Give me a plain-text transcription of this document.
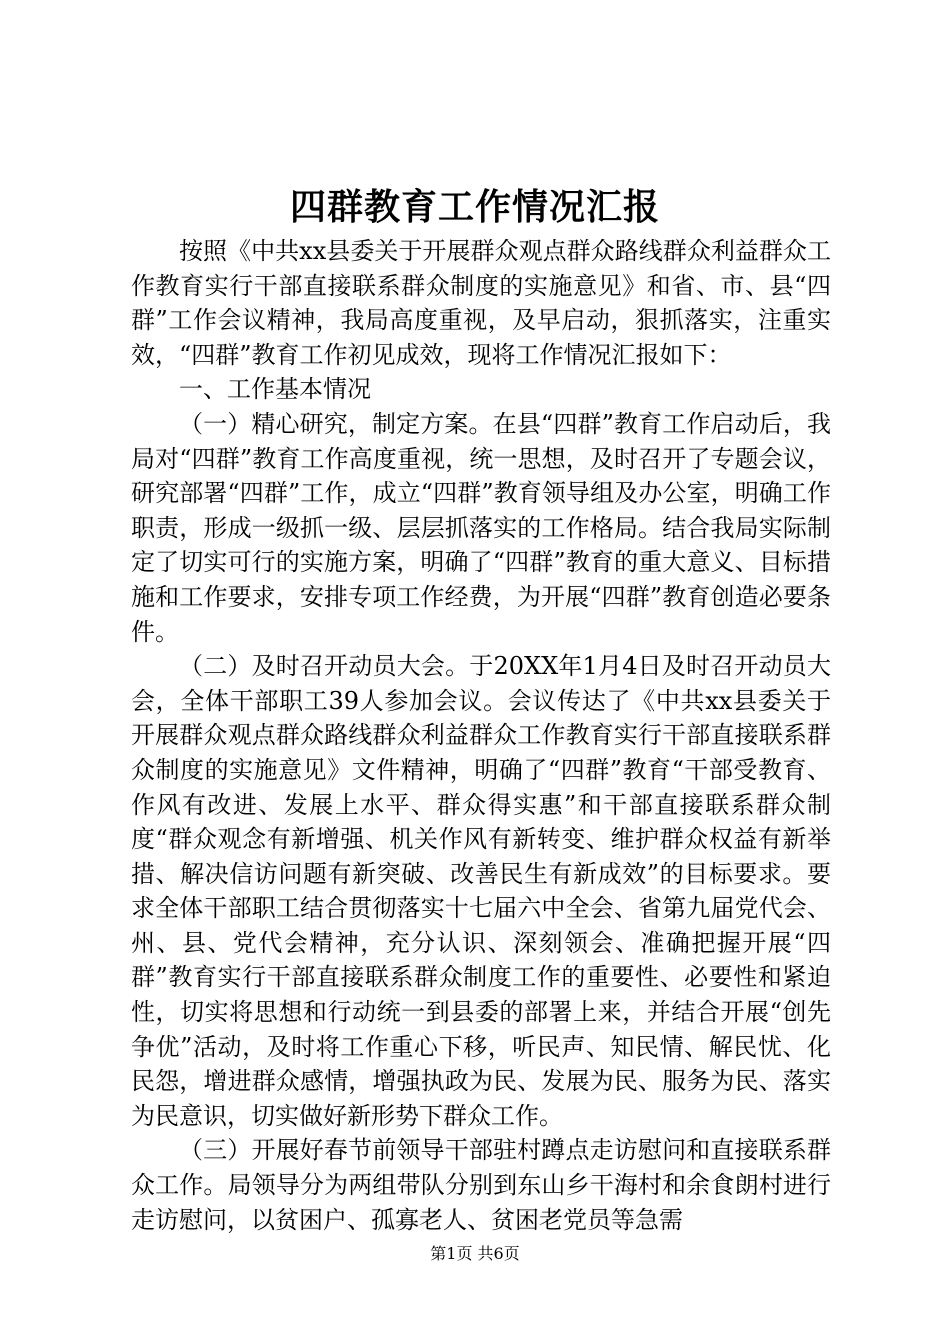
四群教育工作情况汇报

按照《中共xx县委关于开展群众观点群众路线群众利益群众工作教育实行干部直接联系群众制度的实施意见》和省、市、县“四群”工作会议精神，我局高度重视，及早启动，狠抓落实，注重实效，“四群”教育工作初见成效，现将工作情况汇报如下：

一、工作基本情况

（一）精心研究，制定方案。在县“四群”教育工作启动后，我局对“四群”教育工作高度重视，统一思想，及时召开了专题会议，研究部署“四群”工作，成立“四群”教育领导组及办公室，明确工作职责，形成一级抓一级、层层抓落实的工作格局。结合我局实际制定了切实可行的实施方案，明确了“四群”教育的重大意义、目标措施和工作要求，安排专项工作经费，为开展“四群”教育创造必要条件。

（二）及时召开动员大会。于20XX年1月4日及时召开动员大会，全体干部职工39人参加会议。会议传达了《中共xx县委关于开展群众观点群众路线群众利益群众工作教育实行干部直接联系群众制度的实施意见》文件精神，明确了“四群”教育“干部受教育、作风有改进、发展上水平、群众得实惠”和干部直接联系群众制度“群众观念有新增强、机关作风有新转变、维护群众权益有新举措、解决信访问题有新突破、改善民生有新成效”的目标要求。要求全体干部职工结合贯彻落实十七届六中全会、省第九届党代会、州、县、党代会精神，充分认识、深刻领会、准确把握开展“四群”教育实行干部直接联系群众制度工作的重要性、必要性和紧迫性，切实将思想和行动统一到县委的部署上来，并结合开展“创先争优”活动，及时将工作重心下移，听民声、知民情、解民忧、化民怨，增进群众感情，增强执政为民、发展为民、服务为民、落实为民意识，切实做好新形势下群众工作。

（三）开展好春节前领导干部驻村蹲点走访慰问和直接联系群众工作。局领导分为两组带队分别到东山乡干海村和余食朗村进行走访慰问，以贫困户、孤寡老人、贫困老党员等急需

第1页 共6页
